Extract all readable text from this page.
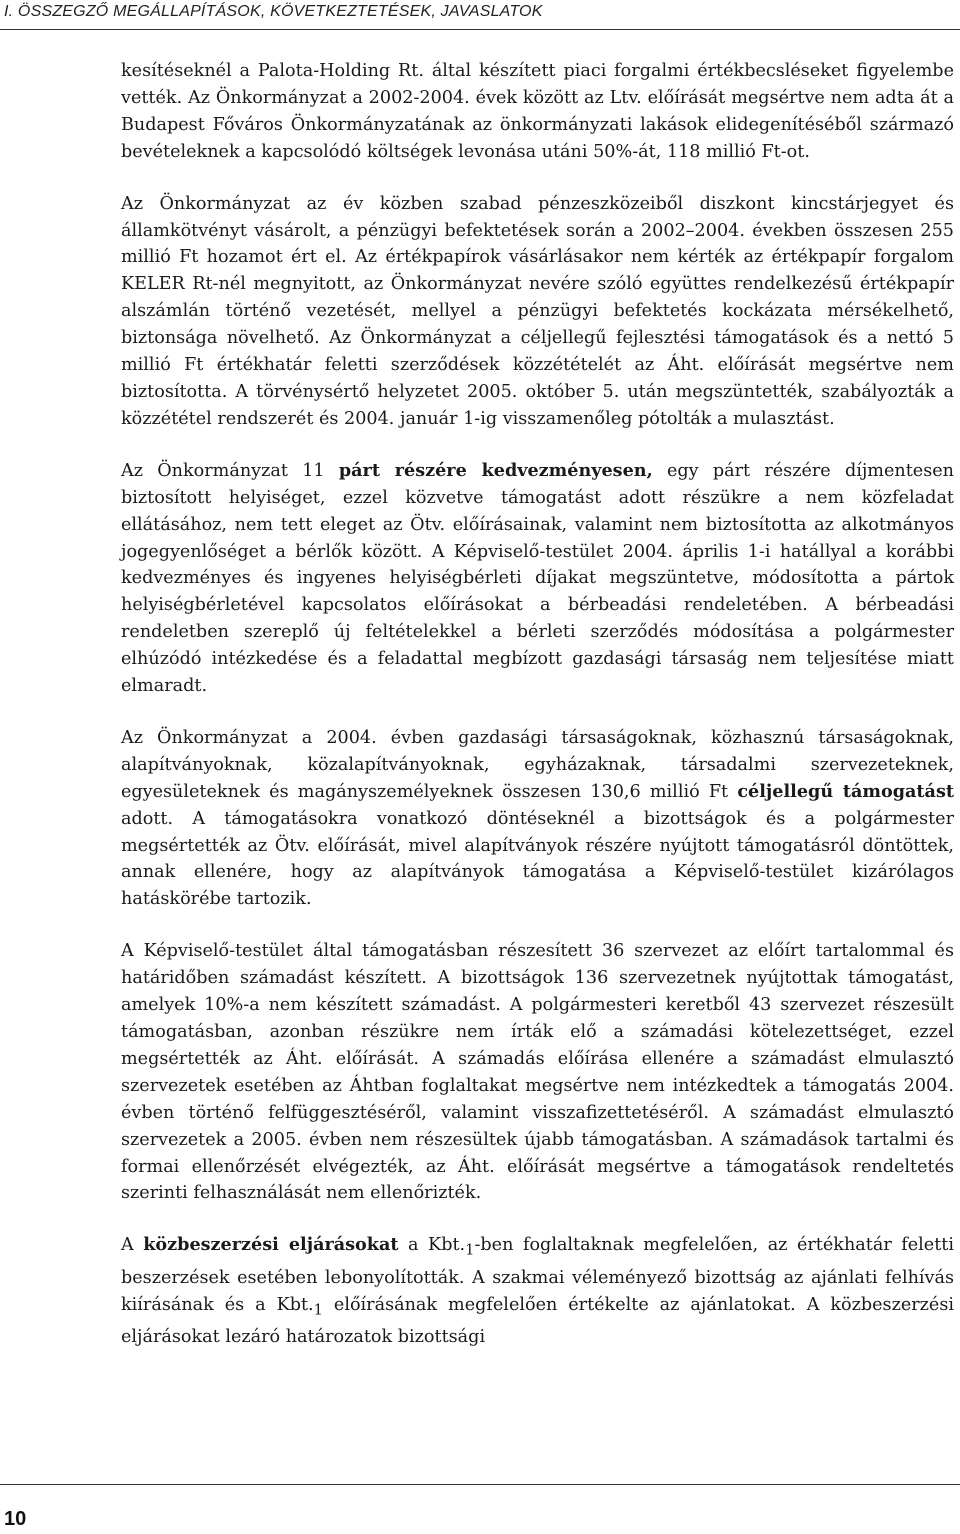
I. ÖSSZEGZŐ MEGÁLLAPÍTÁSOK, KÖVETKEZTETÉSEK, JAVASLATOK

kesítéseknél a Palota-Holding Rt. által készített piaci forgalmi értékbecsléseket figyelembe vették. Az Önkormányzat a 2002-2004. évek között az Ltv. előírását megsértve nem adta át a Budapest Főváros Önkormányzatának az önkormányzati lakások elidegenítéséből származó bevételeknek a kapcsolódó költségek levonása utáni 50%-át, 118 millió Ft-ot.

Az Önkormányzat az év közben szabad pénzeszközeiből diszkont kincstárjegyet és államkötvényt vásárolt, a pénzügyi befektetések során a 2002–2004. években összesen 255 millió Ft hozamot ért el. Az értékpapírok vásárlásakor nem kérték az értékpapír forgalom KELER Rt-nél megnyitott, az Önkormányzat nevére szóló együttes rendelkezésű értékpapír alszámlán történő vezetését, mellyel a pénzügyi befektetés kockázata mérsékelhető, biztonsága növelhető. Az Önkormányzat a céljellegű fejlesztési támogatások és a nettó 5 millió Ft értékhatár feletti szerződések közzétételét az Áht. előírását megsértve nem biztosította. A törvénysértő helyzetet 2005. október 5. után megszüntették, szabályozták a közzététel rendszerét és 2004. január 1-ig visszamenőleg pótolták a mulasztást.

Az Önkormányzat 11 párt részére kedvezményesen, egy párt részére díjmentesen biztosított helyiséget, ezzel közvetve támogatást adott részükre a nem közfeladat ellátásához, nem tett eleget az Ötv. előírásainak, valamint nem biztosította az alkotmányos jogegyenlőséget a bérlők között. A Képviselő-testület 2004. április 1-i hatállyal a korábbi kedvezményes és ingyenes helyiségbérleti díjakat megszüntetve, módosította a pártok helyiségbérletével kapcsolatos előírásokat a bérbeadási rendeletében. A bérbeadási rendeletben szereplő új feltételekkel a bérleti szerződés módosítása a polgármester elhúzódó intézkedése és a feladattal megbízott gazdasági társaság nem teljesítése miatt elmaradt.

Az Önkormányzat a 2004. évben gazdasági társaságoknak, közhasznú társaságoknak, alapítványoknak, közalapítványoknak, egyházaknak, társadalmi szervezeteknek, egyesületeknek és magányszemélyeknek összesen 130,6 millió Ft céljellegű támogatást adott. A támogatásokra vonatkozó döntéseknél a bizottságok és a polgármester megsértették az Ötv. előírását, mivel alapítványok részére nyújtott támogatásról döntöttek, annak ellenére, hogy az alapítványok támogatása a Képviselő-testület kizárólagos hatáskörébe tartozik.

A Képviselő-testület által támogatásban részesített 36 szervezet az előírt tartalommal és határidőben számadást készített. A bizottságok 136 szervezetnek nyújtottak támogatást, amelyek 10%-a nem készített számadást. A polgármesteri keretből 43 szervezet részesült támogatásban, azonban részükre nem írták elő a számadási kötelezettséget, ezzel megsértették az Áht. előírását. A számadás előírása ellenére a számadást elmulasztó szervezetek esetében az Áhtban foglaltakat megsértve nem intézkedtek a támogatás 2004. évben történő felfüggesztéséről, valamint visszafizettetéséről. A számadást elmulasztó szervezetek a 2005. évben nem részesültek újabb támogatásban. A számadások tartalmi és formai ellenőrzését elvégezték, az Áht. előírását megsértve a támogatások rendeltetés szerinti felhasználását nem ellenőrizték.

A közbeszerzési eljárásokat a $Kbt._1$-ben foglaltaknak megfelelően, az értékhatár feletti beszerzések esetében lebonyolították. A szakmai véleményező bizottság az ajánlati felhívás kiírásának és a $Kbt._1$ előírásának megfelelően értékelte az ajánlatokat. A közbeszerzési eljárásokat lezáró határozatok bizottsági

10
